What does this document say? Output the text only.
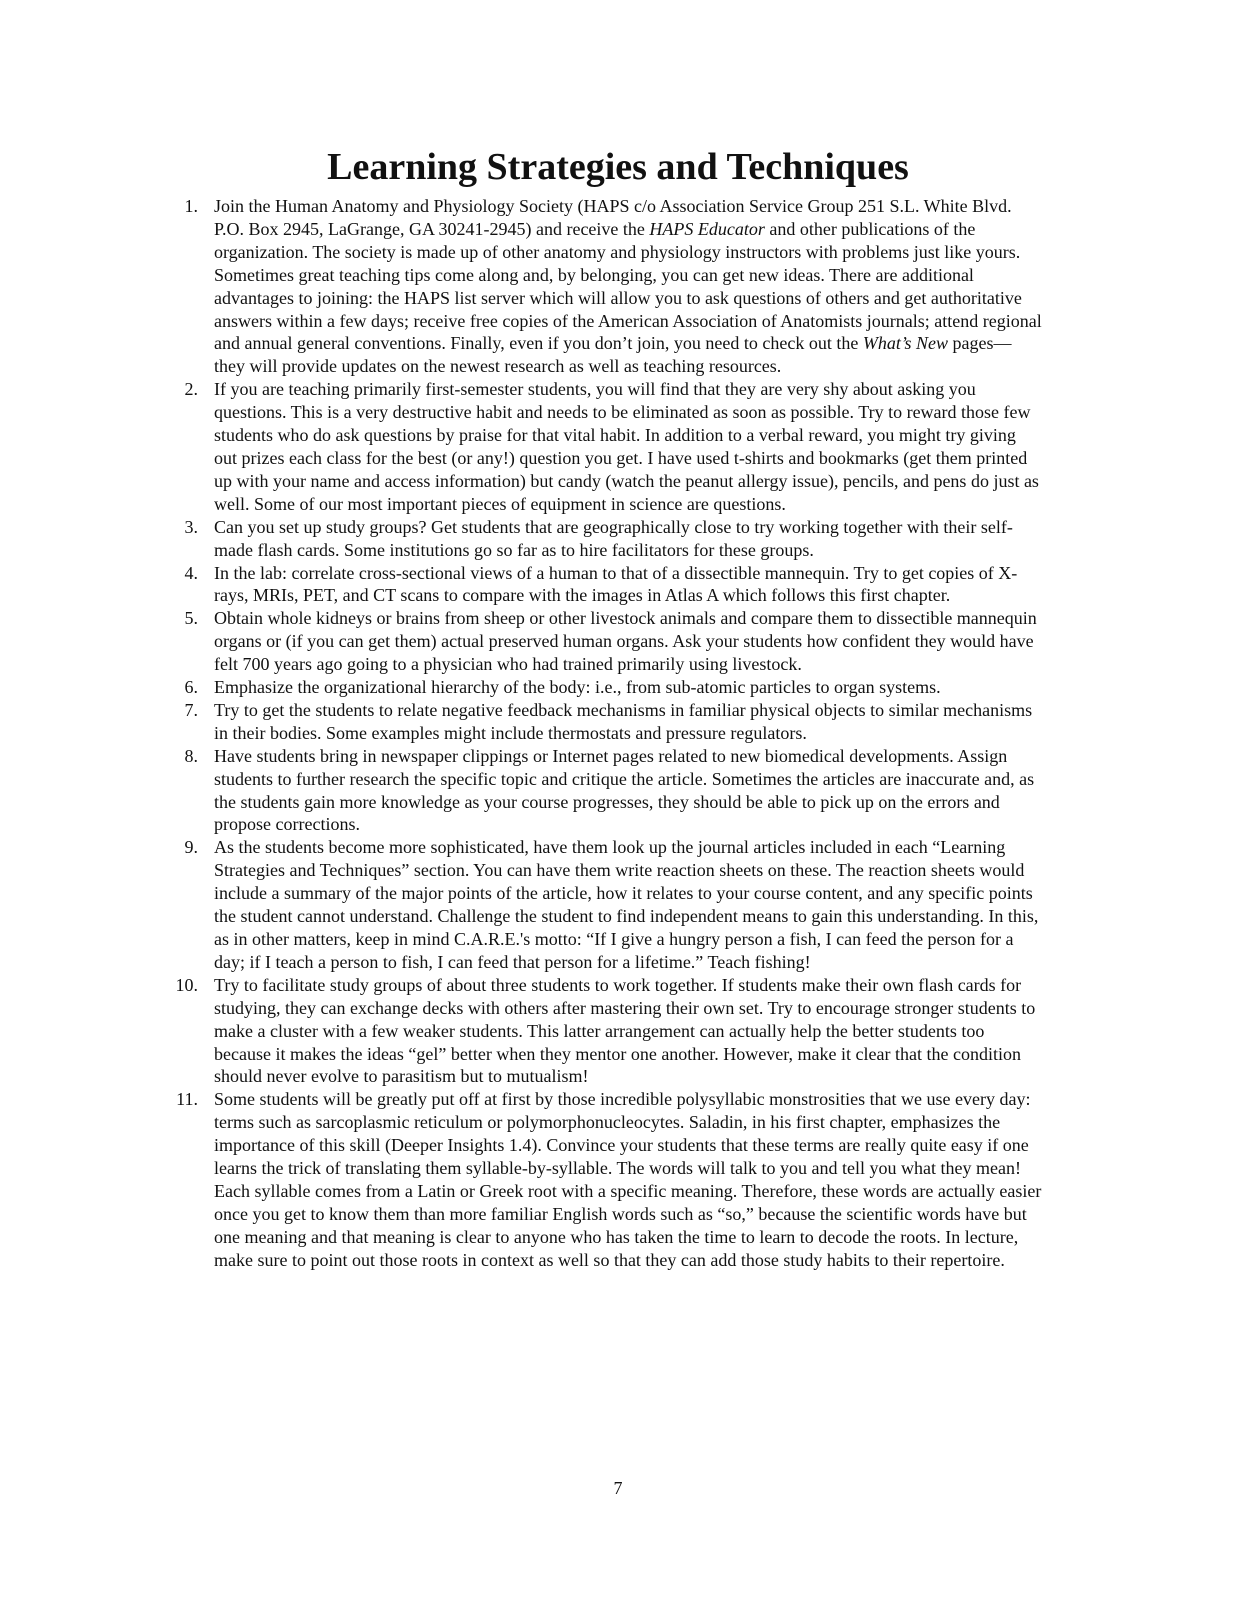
Learning Strategies and Techniques
1. Join the Human Anatomy and Physiology Society (HAPS c/o Association Service Group 251 S.L. White Blvd. P.O. Box 2945, LaGrange, GA 30241-2945) and receive the HAPS Educator and other publications of the organization. The society is made up of other anatomy and physiology instructors with problems just like yours. Sometimes great teaching tips come along and, by belonging, you can get new ideas. There are additional advantages to joining: the HAPS list server which will allow you to ask questions of others and get authoritative answers within a few days; receive free copies of the American Association of Anatomists journals; attend regional and annual general conventions. Finally, even if you don’t join, you need to check out the What’s New pages—they will provide updates on the newest research as well as teaching resources.
2. If you are teaching primarily first-semester students, you will find that they are very shy about asking you questions. This is a very destructive habit and needs to be eliminated as soon as possible. Try to reward those few students who do ask questions by praise for that vital habit. In addition to a verbal reward, you might try giving out prizes each class for the best (or any!) question you get. I have used t-shirts and bookmarks (get them printed up with your name and access information) but candy (watch the peanut allergy issue), pencils, and pens do just as well. Some of our most important pieces of equipment in science are questions.
3. Can you set up study groups? Get students that are geographically close to try working together with their self-made flash cards. Some institutions go so far as to hire facilitators for these groups.
4. In the lab: correlate cross-sectional views of a human to that of a dissectible mannequin. Try to get copies of X-rays, MRIs, PET, and CT scans to compare with the images in Atlas A which follows this first chapter.
5. Obtain whole kidneys or brains from sheep or other livestock animals and compare them to dissectible mannequin organs or (if you can get them) actual preserved human organs. Ask your students how confident they would have felt 700 years ago going to a physician who had trained primarily using livestock.
6. Emphasize the organizational hierarchy of the body: i.e., from sub-atomic particles to organ systems.
7. Try to get the students to relate negative feedback mechanisms in familiar physical objects to similar mechanisms in their bodies. Some examples might include thermostats and pressure regulators.
8. Have students bring in newspaper clippings or Internet pages related to new biomedical developments. Assign students to further research the specific topic and critique the article. Sometimes the articles are inaccurate and, as the students gain more knowledge as your course progresses, they should be able to pick up on the errors and propose corrections.
9. As the students become more sophisticated, have them look up the journal articles included in each “Learning Strategies and Techniques” section. You can have them write reaction sheets on these. The reaction sheets would include a summary of the major points of the article, how it relates to your course content, and any specific points the student cannot understand. Challenge the student to find independent means to gain this understanding. In this, as in other matters, keep in mind C.A.R.E.'s motto: “If I give a hungry person a fish, I can feed the person for a day; if I teach a person to fish, I can feed that person for a lifetime.” Teach fishing!
10. Try to facilitate study groups of about three students to work together. If students make their own flash cards for studying, they can exchange decks with others after mastering their own set. Try to encourage stronger students to make a cluster with a few weaker students. This latter arrangement can actually help the better students too because it makes the ideas “gel” better when they mentor one another. However, make it clear that the condition should never evolve to parasitism but to mutualism!
11. Some students will be greatly put off at first by those incredible polysyllabic monstrosities that we use every day: terms such as sarcoplasmic reticulum or polymorphonucleocytes. Saladin, in his first chapter, emphasizes the importance of this skill (Deeper Insights 1.4). Convince your students that these terms are really quite easy if one learns the trick of translating them syllable-by-syllable. The words will talk to you and tell you what they mean! Each syllable comes from a Latin or Greek root with a specific meaning. Therefore, these words are actually easier once you get to know them than more familiar English words such as “so,” because the scientific words have but one meaning and that meaning is clear to anyone who has taken the time to learn to decode the roots. In lecture, make sure to point out those roots in context as well so that they can add those study habits to their repertoire.
7
